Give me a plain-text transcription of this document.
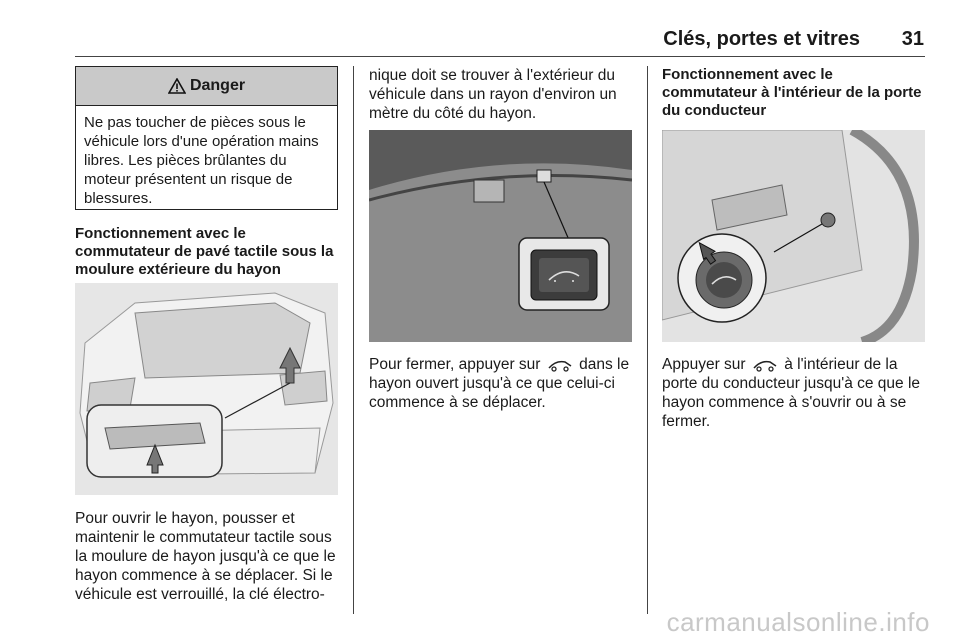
Clés, portes et vitres	31
Danger
Ne pas toucher de pièces sous le véhicule lors d'une opération mains libres. Les pièces brûlantes du moteur présentent un risque de blessures.
Fonctionnement avec le commutateur de pavé tactile sous la moulure extérieure du hayon
Pour ouvrir le hayon, pousser et maintenir le commutateur tactile sous la moulure de hayon jusqu'à ce que le hayon commence à se déplacer. Si le véhicule est verrouillé, la clé électro-
nique doit se trouver à l'extérieur du véhicule dans un rayon d'environ un mètre du côté du hayon.
Pour fermer, appuyer sur dans le hayon ouvert jusqu'à ce que celui-ci commence à se déplacer.
Fonctionnement avec le commutateur à l'intérieur de la porte du conducteur
Appuyer sur à l'intérieur de la porte du conducteur jusqu'à ce que le hayon commence à s'ouvrir ou à se fermer.
carmanualsonline.info
